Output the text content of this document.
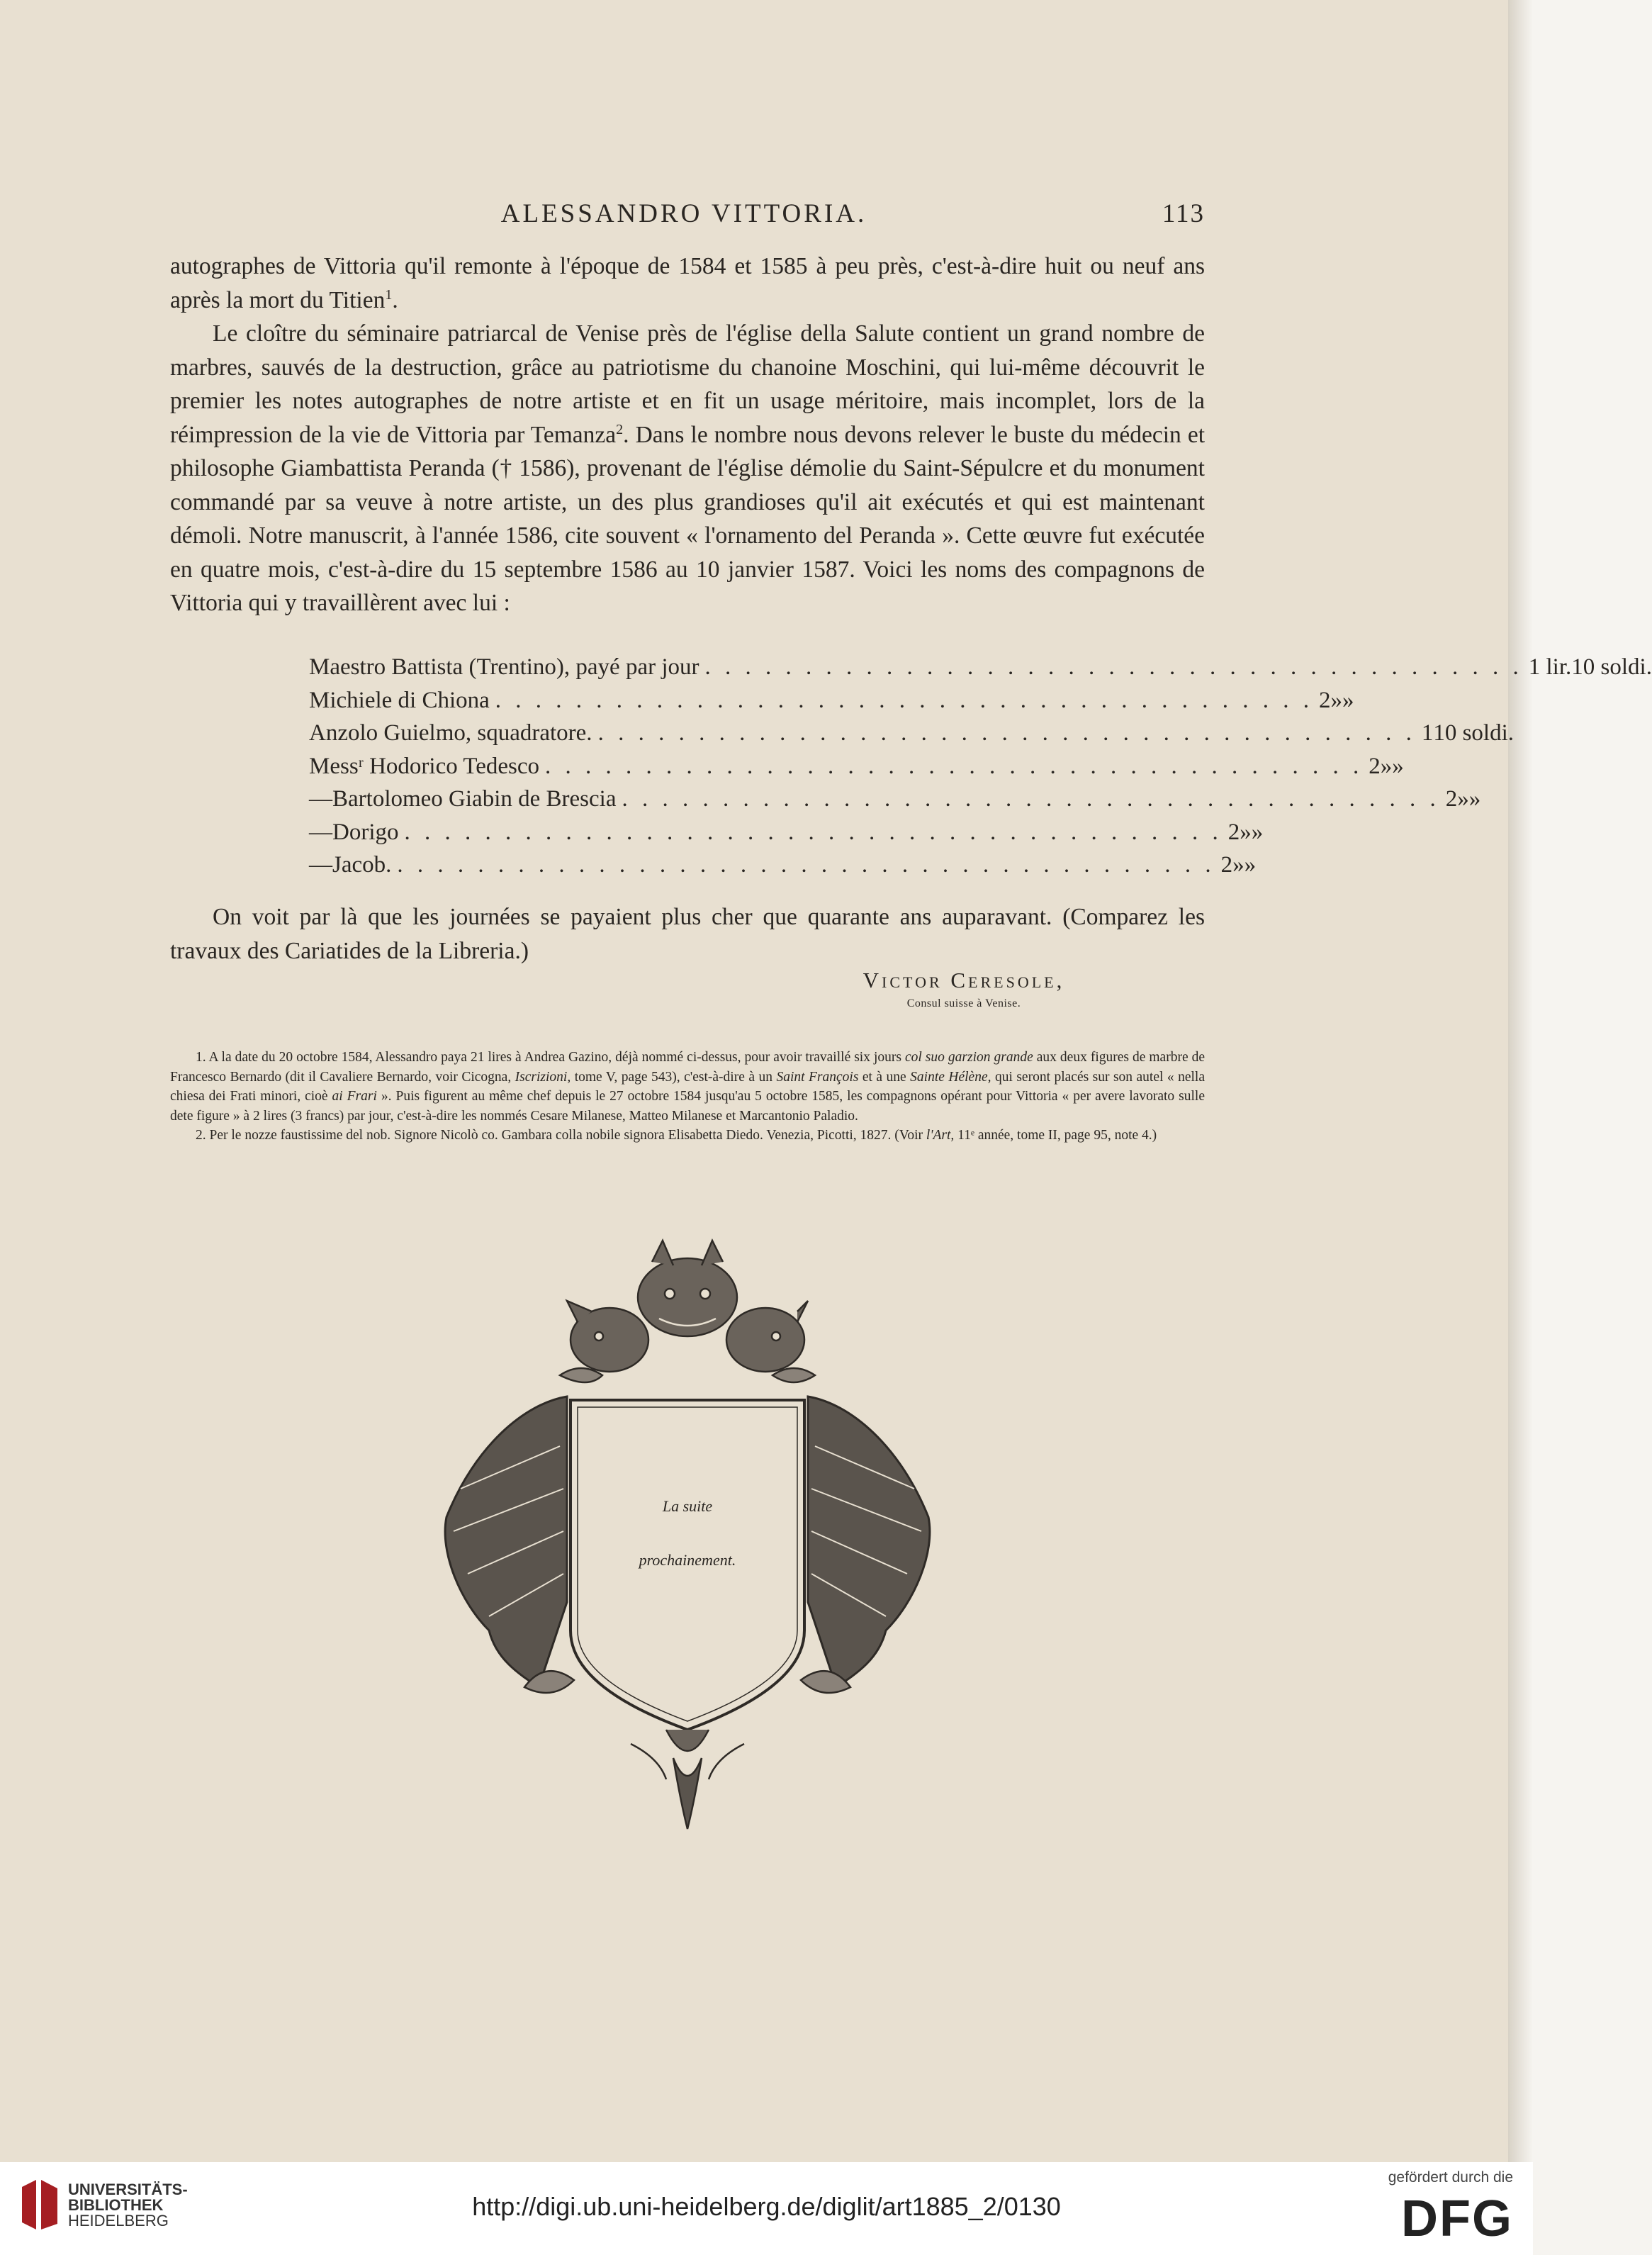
ALESSANDRO VITTORIA.	113

autographes de Vittoria qu'il remonte à l'époque de 1584 et 1585 à peu près, c'est-à-dire huit ou neuf ans après la mort du Titien$^1$.

Le cloître du séminaire patriarcal de Venise près de l'église della Salute contient un grand nombre de marbres, sauvés de la destruction, grâce au patriotisme du chanoine Moschini, qui lui-même découvrit le premier les notes autographes de notre artiste et en fit un usage méritoire, mais incomplet, lors de la réimpression de la vie de Vittoria par Temanza$^2$. Dans le nombre nous devons relever le buste du médecin et philosophe Giambattista Peranda († 1586), provenant de l'église démolie du Saint-Sépulcre et du monument commandé par sa veuve à notre artiste, un des plus grandioses qu'il ait exécutés et qui est maintenant démoli. Notre manuscrit, à l'année 1586, cite souvent « l'ornamento del Peranda ». Cette œuvre fut exécutée en quatre mois, c'est-à-dire du 15 septembre 1586 au 10 janvier 1587. Voici les noms des compagnons de Vittoria qui y travaillèrent avec lui :

Maestro Battista (Trentino), payé par jour . . . . . . . . . . . . . . . . . . . . . . . . . . . . . . . . . . . . . . . . . 1 lir. 10 soldi.
Michiele di Chiona . . . . . . . . . . . . . . . . . . . . . . . . . . . . . . . . . . . . . . . . . 2 »»
Anzolo Guielmo, squadratore. . . . . . . . . . . . . . . . . . . . . . . . . . . . . . . . . . . . . . . . . . 1 10 soldi.
Messʳ Hodorico Tedesco . . . . . . . . . . . . . . . . . . . . . . . . . . . . . . . . . . . . . . . . . 2 »»
— Bartolomeo Giabin de Brescia . . . . . . . . . . . . . . . . . . . . . . . . . . . . . . . . . . . . . . . . . 2 »»
— Dorigo . . . . . . . . . . . . . . . . . . . . . . . . . . . . . . . . . . . . . . . . . 2 »»
— Jacob. . . . . . . . . . . . . . . . . . . . . . . . . . . . . . . . . . . . . . . . . . 2 »»

On voit par là que les journées se payaient plus cher que quarante ans auparavant. (Comparez les travaux des Cariatides de la Libreria.)

Victor Ceresole,
Consul suisse à Venise.

1. A la date du 20 octobre 1584, Alessandro paya 21 lires à Andrea Gazino, déjà nommé ci-dessus, pour avoir travaillé six jours col suo garzion grande aux deux figures de marbre de Francesco Bernardo (dit il Cavaliere Bernardo, voir Cicogna, Iscrizioni, tome V, page 543), c'est-à-dire à un Saint François et à une Sainte Hélène, qui seront placés sur son autel « nella chiesa dei Frati minori, cioè ai Frari ». Puis figurent au même chef depuis le 27 octobre 1584 jusqu'au 5 octobre 1585, les compagnons opérant pour Vittoria « per avere lavorato sulle dete figure » à 2 lires (3 francs) par jour, c'est-à-dire les nommés Cesare Milanese, Matteo Milanese et Marcantonio Paladio.

2. Per le nozze faustissime del nob. Signore Nicolò co. Gambara colla nobile signora Elisabetta Diedo. Venezia, Picotti, 1827. (Voir l'Art, 11ᵉ année, tome II, page 95, note 4.)

La suite
prochainement.
UNIVERSITÄTS-
BIBLIOTHEK
HEIDELBERG	http://digi.ub.uni-heidelberg.de/diglit/art1885_2/0130
gefördert durch die
DFG
